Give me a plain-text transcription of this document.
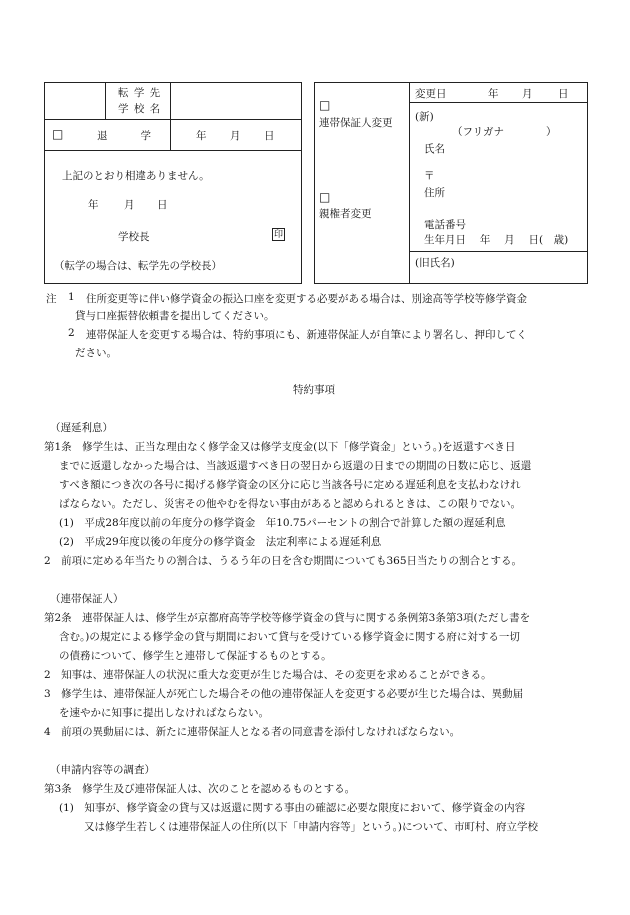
転 学 先
学 校 名
□	退　　学	年 月 日
上記のとおり相違ありません。
年 月 日
学校長	印
（転学の場合は、転学先の学校長）
□
連帯保証人変更
□
親権者変更
変更日	年 月 日
(新)
（フリガナ　　　　）
氏名
〒
住所
電話番号
生年月日　 年　 月　 日(　歳)
(旧氏名)
注 1 住所変更等に伴い修学資金の振込口座を変更する必要がある場合は、別途高等学校等修学資金
貸与口座振替依頼書を提出してください。
2 連帯保証人を変更する場合は、特約事項にも、新連帯保証人が自筆により署名し、押印してく
ださい。
特約事項
（遅延利息）
第1条　修学生は、正当な理由なく修学金又は修学支度金(以下「修学資金」という。)を返還すべき日
までに返還しなかった場合は、当該返還すべき日の翌日から返還の日までの期間の日数に応じ、返還
すべき額につき次の各号に掲げる修学資金の区分に応じ当該各号に定める遅延利息を支払わなけれ
ばならない。ただし、災害その他やむを得ない事由があると認められるときは、この限りでない。
(1)　平成28年度以前の年度分の修学資金　年10.75パーセントの割合で計算した額の遅延利息
(2)　平成29年度以後の年度分の修学資金　法定利率による遅延利息
2　前項に定める年当たりの割合は、うるう年の日を含む期間についても365日当たりの割合とする。
（連帯保証人）
第2条　連帯保証人は、修学生が京都府高等学校等修学資金の貸与に関する条例第3条第3項(ただし書を
含む。)の規定による修学金の貸与期間において貸与を受けている修学資金に関する府に対する一切
の債務について、修学生と連帯して保証するものとする。
2　知事は、連帯保証人の状況に重大な変更が生じた場合は、その変更を求めることができる。
3　修学生は、連帯保証人が死亡した場合その他の連帯保証人を変更する必要が生じた場合は、異動届
を速やかに知事に提出しなければならない。
4　前項の異動届には、新たに連帯保証人となる者の同意書を添付しなければならない。
（申請内容等の調査）
第3条　修学生及び連帯保証人は、次のことを認めるものとする。
(1)　知事が、修学資金の貸与又は返還に関する事由の確認に必要な限度において、修学資金の内容
又は修学生若しくは連帯保証人の住所(以下「申請内容等」という。)について、市町村、府立学校
